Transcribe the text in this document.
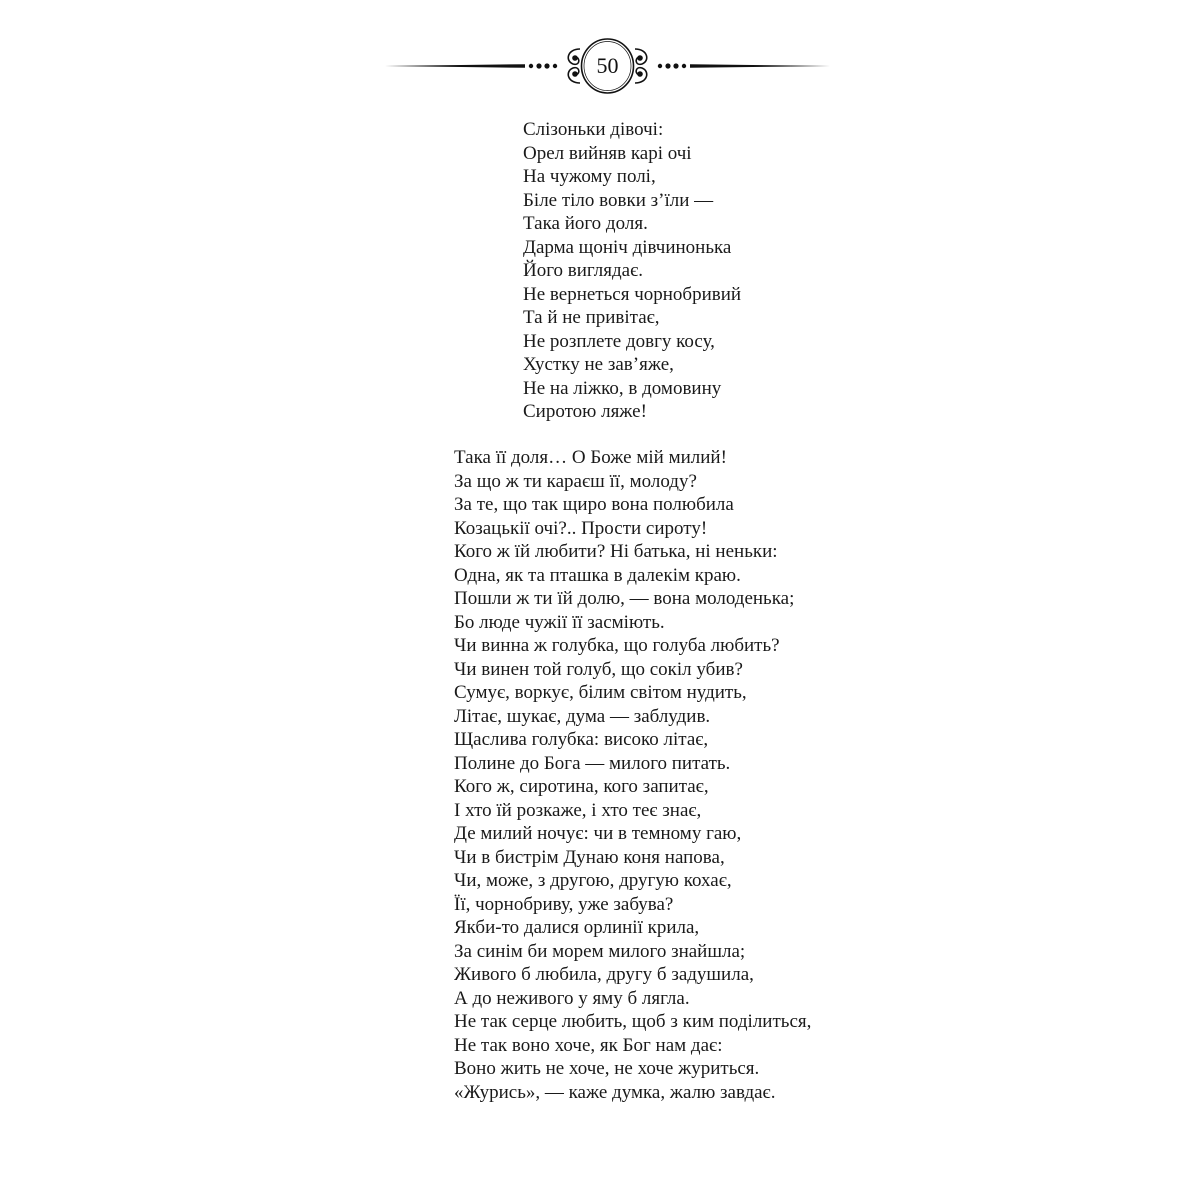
50
Слізоньки дівочі:
Орел вийняв карі очі
На чужому полі,
Біле тіло вовки з’їли —
Така його доля.
Дарма щоніч дівчинонька
Його виглядає.
Не вернеться чорнобривий
Та й не привітає,
Не розплете довгу косу,
Хустку не зав’яже,
Не на ліжко, в домовину
Сиротою ляже!
Така її доля… О Боже мій милий!
За що ж ти караєш її, молоду?
За те, що так щиро вона полюбила
Козацькії очі?.. Прости сироту!
Кого ж їй любити? Ні батька, ні неньки:
Одна, як та пташка в далекім краю.
Пошли ж ти їй долю, — вона молоденька;
Бо люде чужії її засміють.
Чи винна ж голубка, що голуба любить?
Чи винен той голуб, що сокіл убив?
Сумує, воркує, білим світом нудить,
Літає, шукає, дума — заблудив.
Щаслива голубка: високо літає,
Полине до Бога — милого питать.
Кого ж, сиротина, кого запитає,
І хто їй розкаже, і хто теє знає,
Де милий ночує: чи в темному гаю,
Чи в бистрім Дунаю коня напова,
Чи, може, з другою, другую кохає,
Її, чорнобриву, уже забува?
Якби-то далися орлинії крила,
За синім би морем милого знайшла;
Живого б любила, другу б задушила,
А до неживого у яму б лягла.
Не так серце любить, щоб з ким поділиться,
Не так воно хоче, як Бог нам дає:
Воно жить не хоче, не хоче журиться.
«Журись», — каже думка, жалю завдає.
